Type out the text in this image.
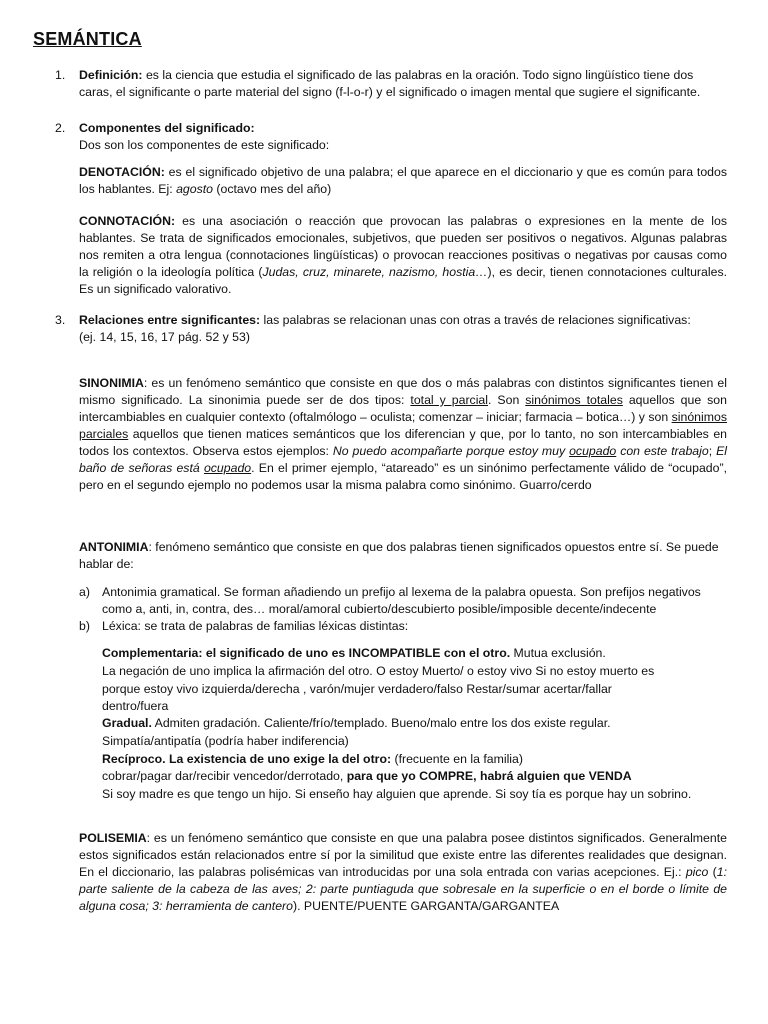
SEMÁNTICA
1. Definición: es la ciencia que estudia el significado de las palabras en la oración. Todo signo lingüístico tiene dos caras, el significante o parte material del signo (f-l-o-r) y el significado o imagen mental que sugiere el significante.
2. Componentes del significado:
Dos son los componentes de este significado:
DENOTACIÓN: es el significado objetivo de una palabra; el que aparece en el diccionario y que es común para todos los hablantes. Ej: agosto (octavo mes del año)
CONNOTACIÓN: es una asociación o reacción que provocan las palabras o expresiones en la mente de los hablantes. Se trata de significados emocionales, subjetivos, que pueden ser positivos o negativos. Algunas palabras nos remiten a otra lengua (connotaciones lingüísticas) o provocan reacciones positivas o negativas por causas como la religión o la ideología política (Judas, cruz, minarete, nazismo, hostia…), es decir, tienen connotaciones culturales. Es un significado valorativo.
3. Relaciones entre significantes: las palabras se relacionan unas con otras a través de relaciones significativas:
(ej. 14, 15, 16, 17 pág. 52 y 53)
SINONIMIA: es un fenómeno semántico que consiste en que dos o más palabras con distintos significantes tienen el mismo significado. La sinonimia puede ser de dos tipos: total y parcial. Son sinónimos totales aquellos que son intercambiables en cualquier contexto (oftalmólogo – oculista; comenzar – iniciar; farmacia – botica…) y son sinónimos parciales aquellos que tienen matices semánticos que los diferencian y que, por lo tanto, no son intercambiables en todos los contextos. Observa estos ejemplos: No puedo acompañarte porque estoy muy ocupado con este trabajo; El baño de señoras está ocupado. En el primer ejemplo, “atareado” es un sinónimo perfectamente válido de “ocupado”, pero en el segundo ejemplo no podemos usar la misma palabra como sinónimo. Guarro/cerdo
ANTONIMIA: fenómeno semántico que consiste en que dos palabras tienen significados opuestos entre sí. Se puede hablar de:
a) Antonimia gramatical. Se forman añadiendo un prefijo al lexema de la palabra opuesta. Son prefijos negativos
como a, anti, in, contra, des… moral/amoral cubierto/descubierto posible/imposible decente/indecente
b) Léxica: se trata de palabras de familias léxicas distintas:
Complementaria: el significado de uno es INCOMPATIBLE con el otro. Mutua exclusión.
La negación de uno implica la afirmación del otro. O estoy Muerto/ o estoy vivo Si no estoy muerto es
porque estoy vivo izquierda/derecha , varón/mujer verdadero/falso Restar/sumar acertar/fallar
dentro/fuera
Gradual. Admiten gradación. Caliente/frío/templado. Bueno/malo entre los dos existe regular.
Simpatía/antipatía (podría haber indiferencia)
Recíproco. La existencia de uno exige la del otro: (frecuente en la familia)
cobrar/pagar dar/recibir vencedor/derrotado, para que yo COMPRE, habrá alguien que VENDA
Si soy madre es que tengo un hijo. Si enseño hay alguien que aprende. Si soy tía es porque hay un sobrino.
POLISEMIA: es un fenómeno semántico que consiste en que una palabra posee distintos significados. Generalmente estos significados están relacionados entre sí por la similitud que existe entre las diferentes realidades que designan. En el diccionario, las palabras polisémicas van introducidas por una sola entrada con varias acepciones. Ej.: pico (1: parte saliente de la cabeza de las aves; 2: parte puntiaguda que sobresale en la superficie o en el borde o límite de alguna cosa; 3: herramienta de cantero). PUENTE/PUENTE GARGANTA/GARGANTEA
